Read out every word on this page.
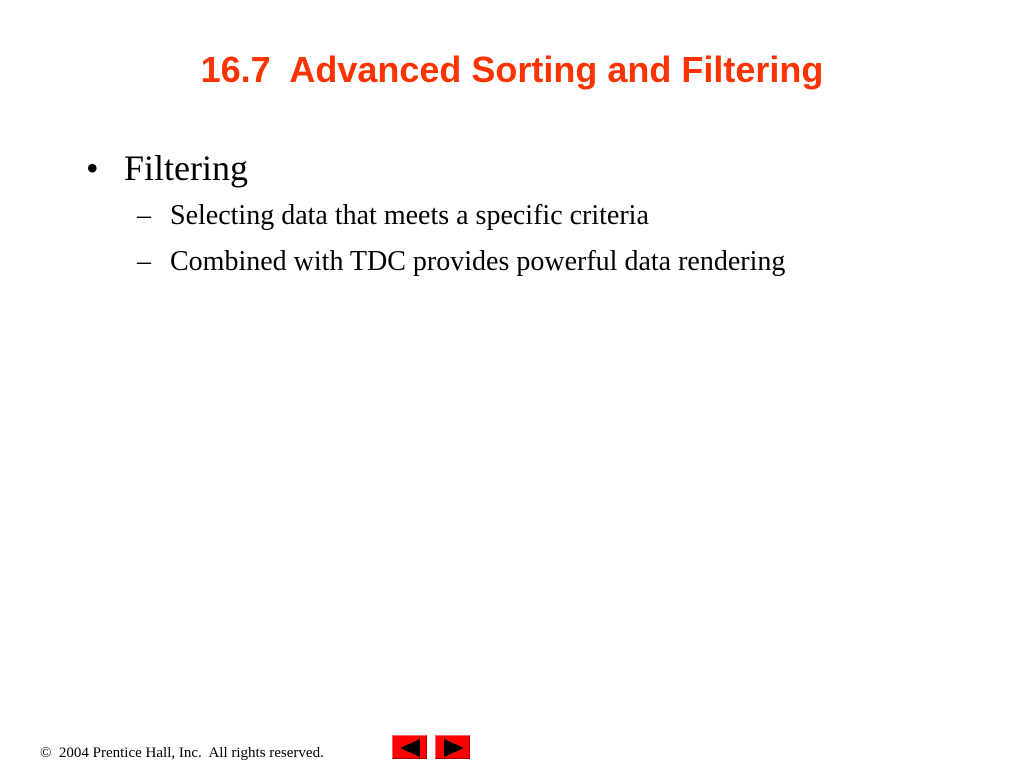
16.7  Advanced Sorting and Filtering
• Filtering
– Selecting data that meets a specific criteria
– Combined with TDC provides powerful data rendering
©  2004 Prentice Hall, Inc.  All rights reserved.
